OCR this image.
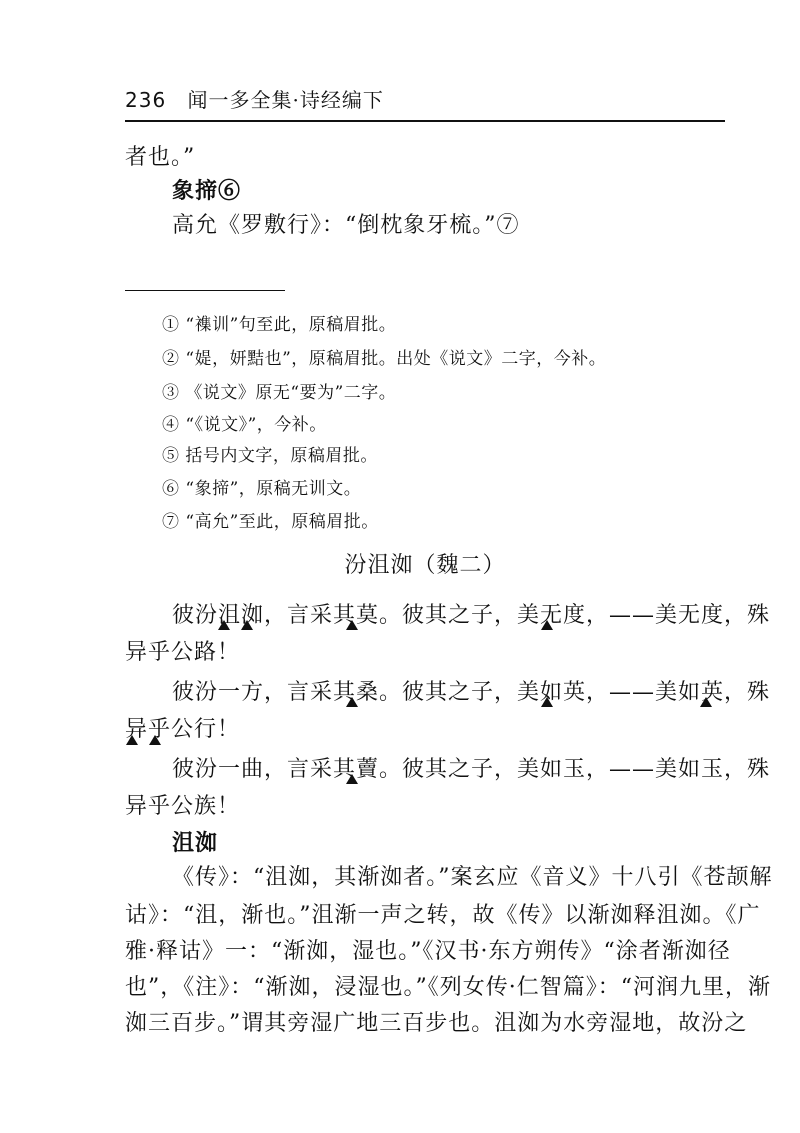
236 闻一多全集·诗经编下
者也。”
象揥⑥
高允《罗敷行》：“倒枕象牙梳。”⑦
① “襍训”句至此，原稿眉批。
② “媞，妍黠也”，原稿眉批。出处《说文》二字，今补。
③ 《说文》原无“要为”二字。
④ “《说文》”，今补。
⑤ 括号内文字，原稿眉批。
⑥ “象揥”，原稿无训文。
⑦ “高允”至此，原稿眉批。
汾沮洳（魏二）
彼汾沮洳，言采其莫。彼其之子，美无度，——美无度，殊
异乎公路！
彼汾一方，言采其桑。彼其之子，美如英，——美如英，殊
异乎公行！
彼汾一曲，言采其藚。彼其之子，美如玉，——美如玉，殊
异乎公族！
沮洳
《传》：“沮洳，其渐洳者。”案玄应《音义》十八引《苍颉解
诂》：“沮，渐也。”沮渐一声之转，故《传》以渐洳释沮洳。《广
雅·释诂》一：“渐洳，湿也。”《汉书·东方朔传》“涂者渐洳径
也”，《注》：“渐洳，浸湿也。”《列女传·仁智篇》：“河润九里，渐
洳三百步。”谓其旁湿广地三百步也。沮洳为水旁湿地，故汾之
